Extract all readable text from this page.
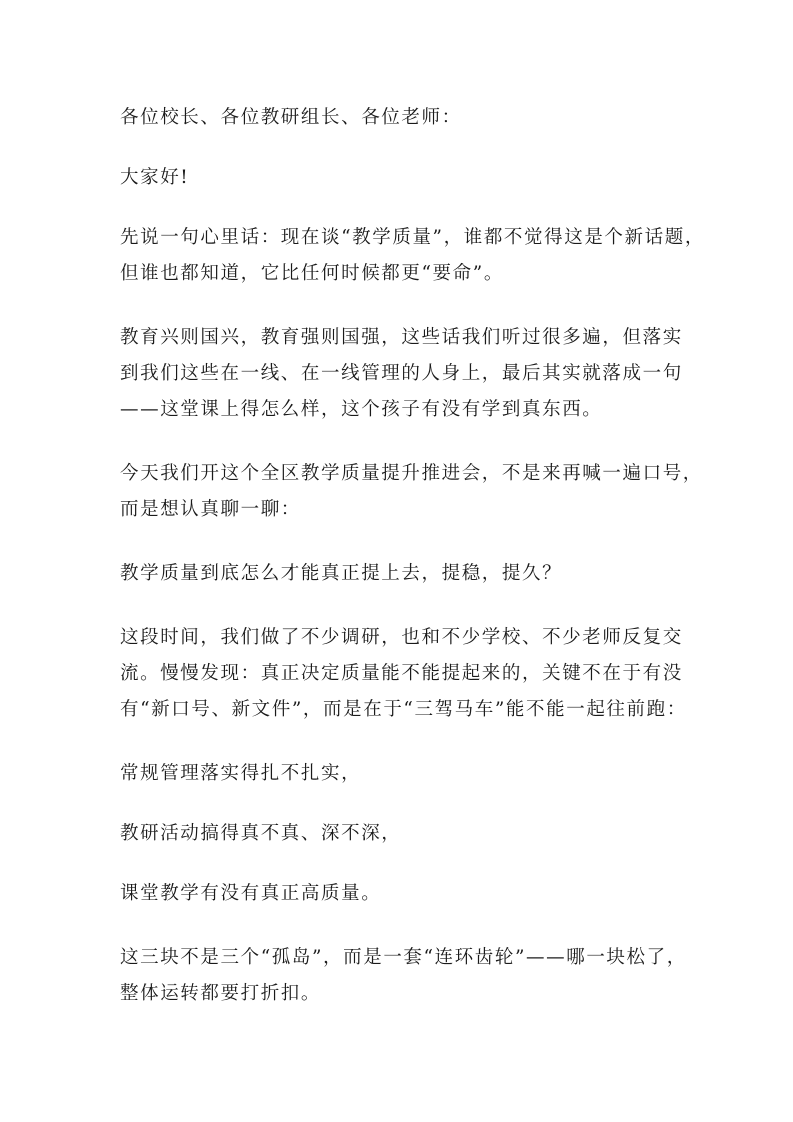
各位校长、各位教研组长、各位老师：
大家好!
先说一句心里话：现在谈“教学质量”，谁都不觉得这是个新话题，
但谁也都知道，它比任何时候都更“要命”。
教育兴则国兴，教育强则国强，这些话我们听过很多遍，但落实
到我们这些在一线、在一线管理的人身上，最后其实就落成一句
——这堂课上得怎么样，这个孩子有没有学到真东西。
今天我们开这个全区教学质量提升推进会，不是来再喊一遍口号，
而是想认真聊一聊：
教学质量到底怎么才能真正提上去，提稳，提久？
这段时间，我们做了不少调研，也和不少学校、不少老师反复交
流。慢慢发现：真正决定质量能不能提起来的，关键不在于有没
有“新口号、新文件”，而是在于“三驾马车”能不能一起往前跑：
常规管理落实得扎不扎实，
教研活动搞得真不真、深不深，
课堂教学有没有真正高质量。
这三块不是三个“孤岛”，而是一套“连环齿轮”——哪一块松了，
整体运转都要打折扣。
